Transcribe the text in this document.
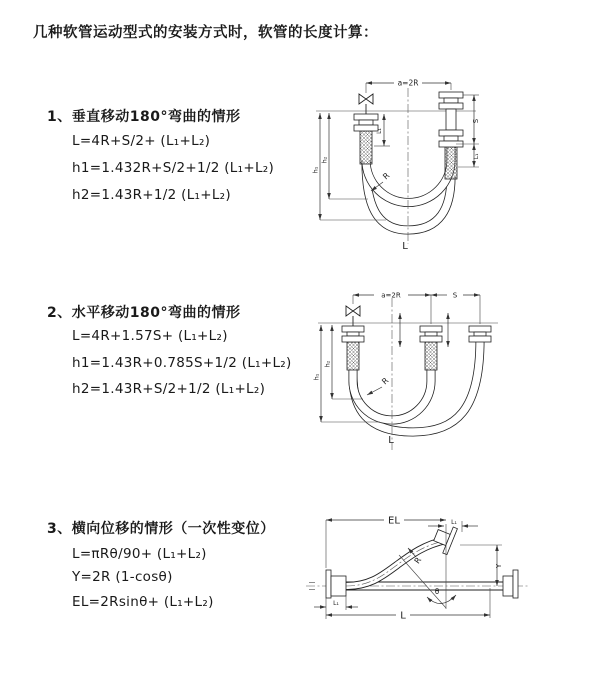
几种软管运动型式的安装方式时，软管的长度计算：
1、垂直移动180°弯曲的情形
L=4R+S/2+ (L₁+L₂)
h1=1.432R+S/2+1/2 (L₁+L₂)
h2=1.43R+1/2 (L₁+L₂)
2、水平移动180°弯曲的情形
L=4R+1.57S+ (L₁+L₂)
h1=1.43R+0.785S+1/2 (L₁+L₂)
h2=1.43R+S/2+1/2 (L₁+L₂)
3、横向位移的情形（一次性变位）
L=πRθ/90+ (L₁+L₂)
Y=2R (1-cosθ)
EL=2Rsinθ+ (L₁+L₂)
a=2R
h₁
h₂
S
L₁
L₁
R
L
a=2R	S
h₁
h₂
R
L
EL	L₁
Y
R
θ
L
L₁
